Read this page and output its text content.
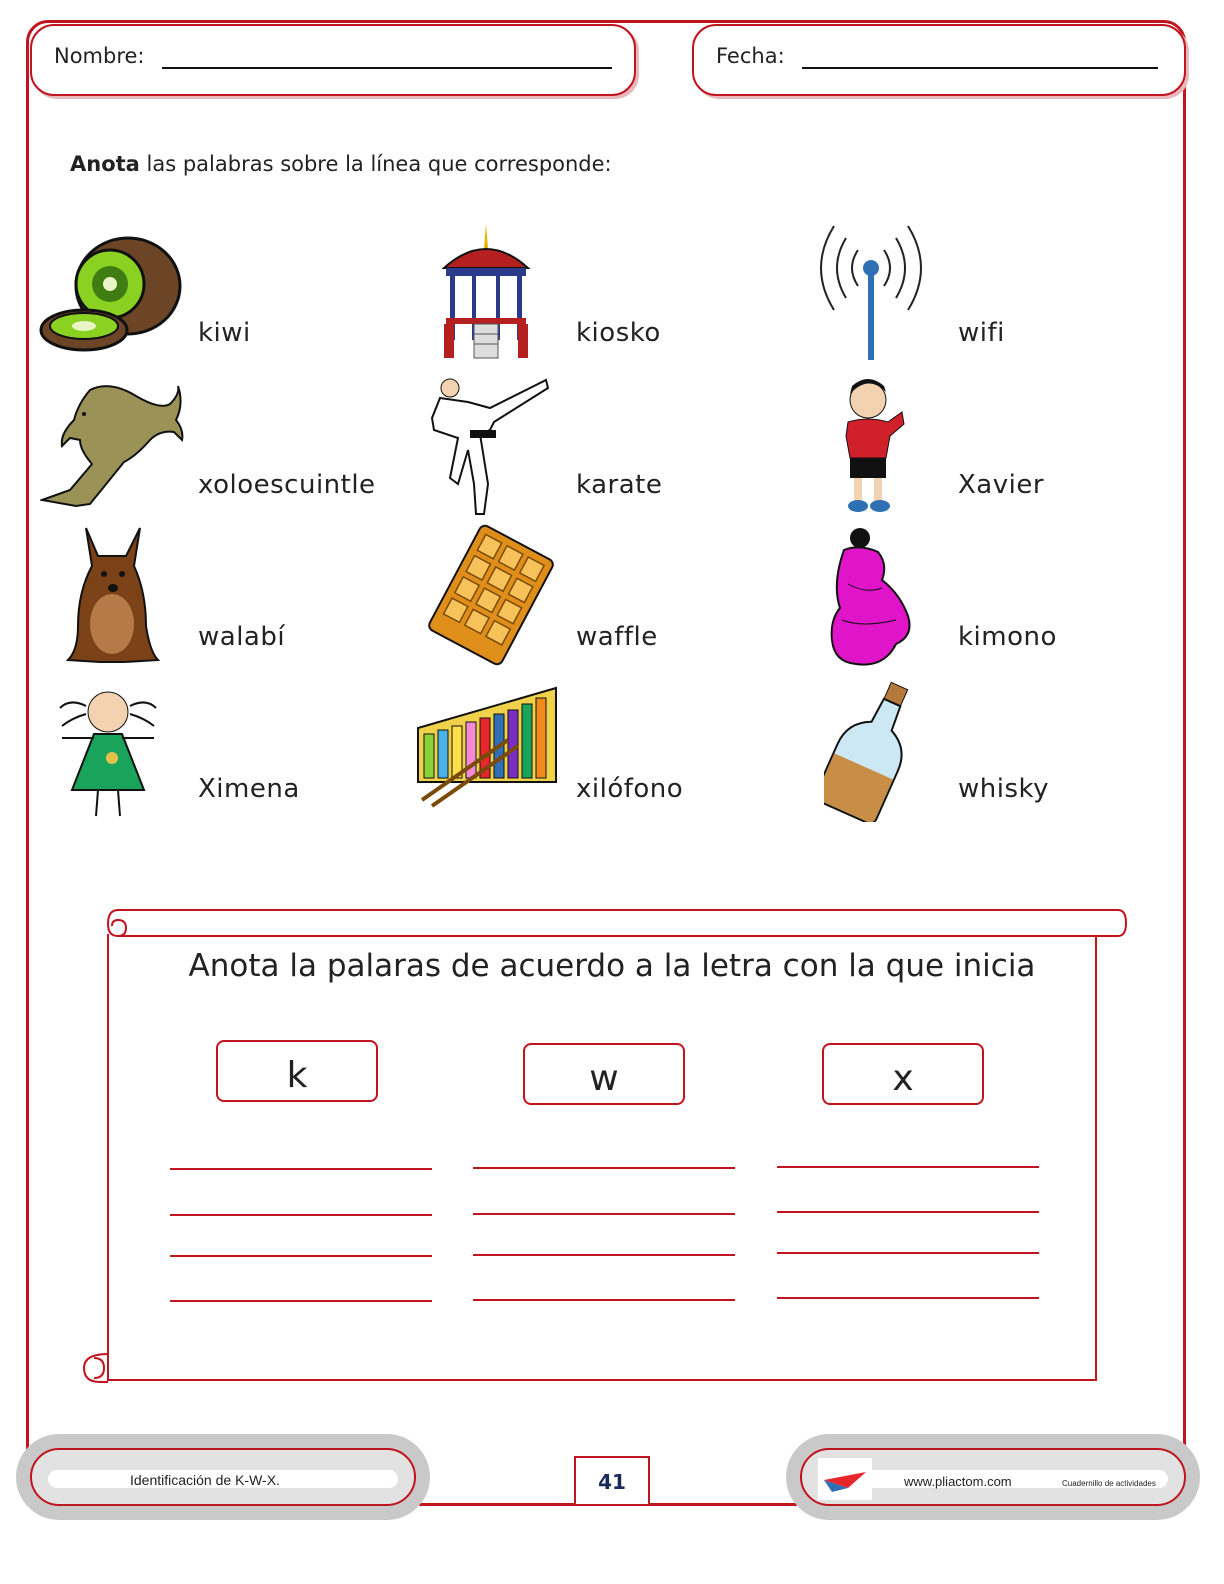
Nombre:	Fecha:
Anota las palabras sobre la línea que corresponde:
kiwi	kiosko	wifi
xoloescuintle	karate	Xavier
walabí	waffle	kimono
Ximena	xilófono	whisky
Anota la palaras de acuerdo a la letra con la que inicia
k	w	x
Identificación de K-W-X.	41	www.pliactom.com	Cuadernillo de actividades
